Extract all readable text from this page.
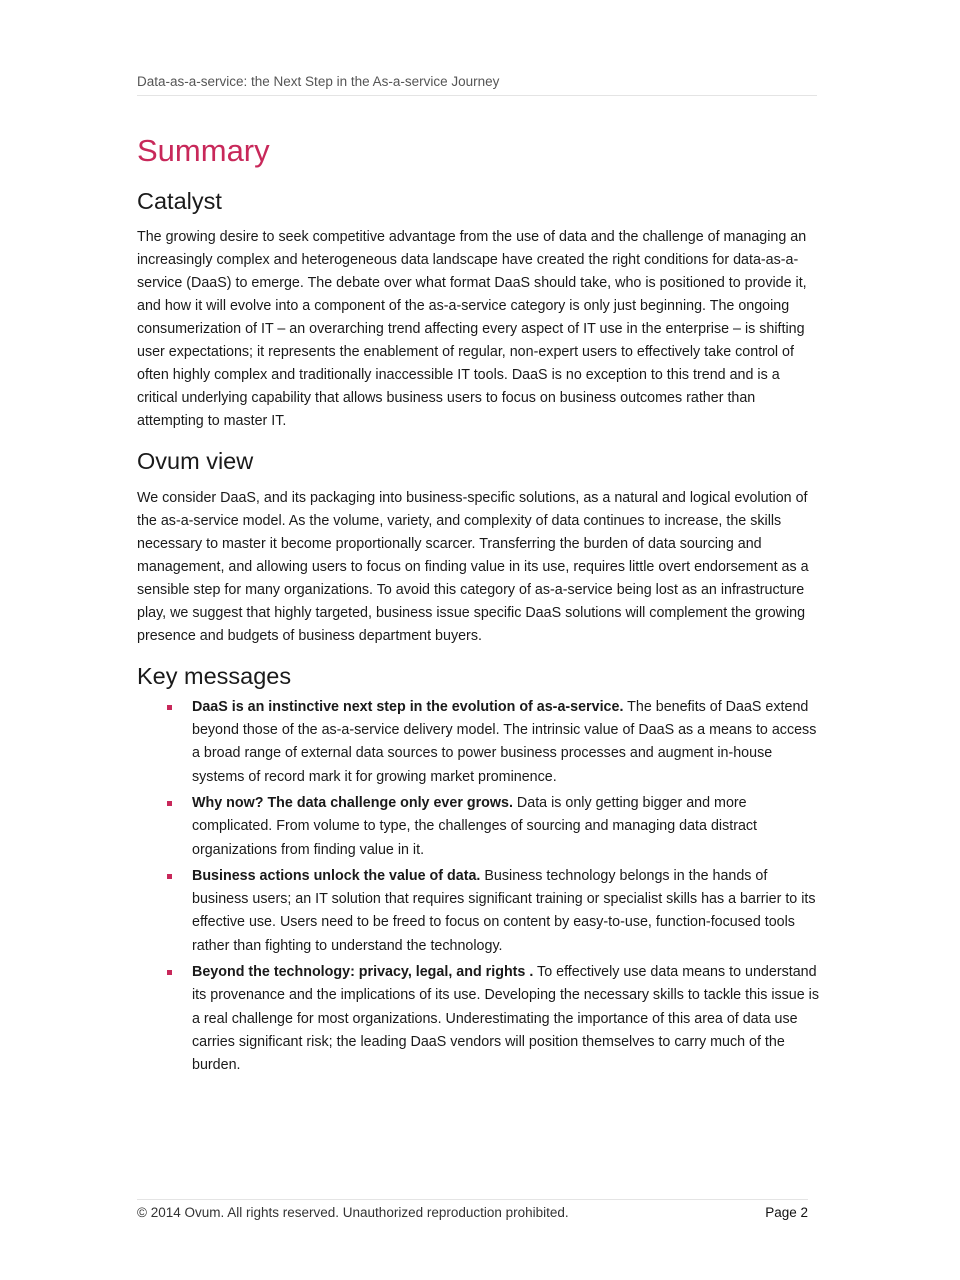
Data-as-a-service: the Next Step in the As-a-service Journey
Summary
Catalyst

The growing desire to seek competitive advantage from the use of data and the challenge of managing an increasingly complex and heterogeneous data landscape have created the right conditions for data-as-a-service (DaaS) to emerge. The debate over what format DaaS should take, who is positioned to provide it, and how it will evolve into a component of the as-a-service category is only just beginning. The ongoing consumerization of IT – an overarching trend affecting every aspect of IT use in the enterprise – is shifting user expectations; it represents the enablement of regular, non-expert users to effectively take control of often highly complex and traditionally inaccessible IT tools. DaaS is no exception to this trend and is a critical underlying capability that allows business users to focus on business outcomes rather than attempting to master IT.

Ovum view

We consider DaaS, and its packaging into business-specific solutions, as a natural and logical evolution of the as-a-service model. As the volume, variety, and complexity of data continues to increase, the skills necessary to master it become proportionally scarcer. Transferring the burden of data sourcing and management, and allowing users to focus on finding value in its use, requires little overt endorsement as a sensible step for many organizations. To avoid this category of as-a-service being lost as an infrastructure play, we suggest that highly targeted, business issue specific DaaS solutions will complement the growing presence and budgets of business department buyers.

Key messages
DaaS is an instinctive next step in the evolution of as-a-service. The benefits of DaaS extend beyond those of the as-a-service delivery model. The intrinsic value of DaaS as a means to access a broad range of external data sources to power business processes and augment in-house systems of record mark it for growing market prominence.
Why now? The data challenge only ever grows. Data is only getting bigger and more complicated. From volume to type, the challenges of sourcing and managing data distract organizations from finding value in it.
Business actions unlock the value of data. Business technology belongs in the hands of business users; an IT solution that requires significant training or specialist skills has a barrier to its effective use. Users need to be freed to focus on content by easy-to-use, function-focused tools rather than fighting to understand the technology.
Beyond the technology: privacy, legal, and rights . To effectively use data means to understand its provenance and the implications of its use. Developing the necessary skills to tackle this issue is a real challenge for most organizations. Underestimating the importance of this area of data use carries significant risk; the leading DaaS vendors will position themselves to carry much of the burden.
© 2014 Ovum. All rights reserved. Unauthorized reproduction prohibited.	Page 2
